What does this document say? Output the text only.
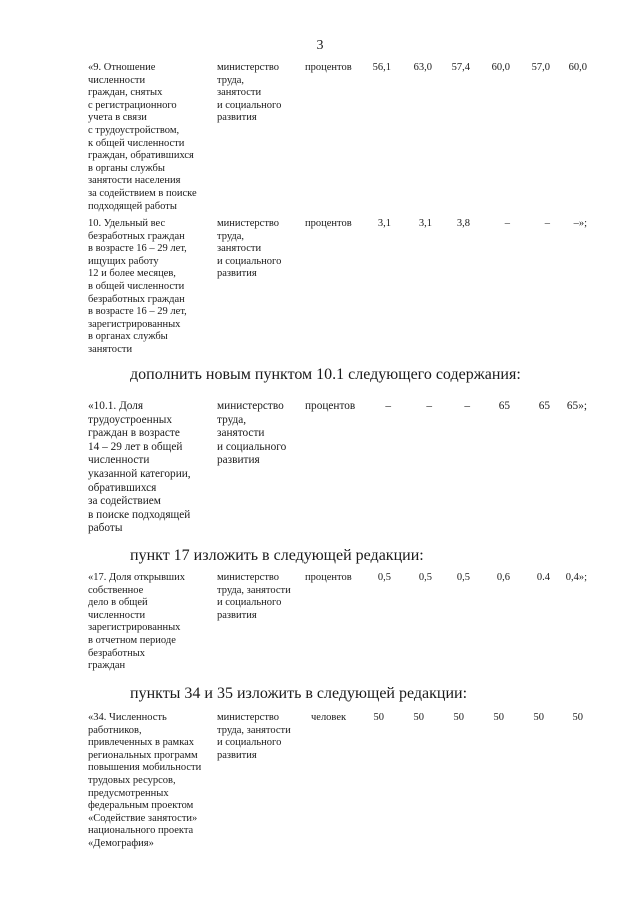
3
«9. Отношение
численности
граждан, снятых
с регистрационного
учета в связи
с трудоустройством,
к общей численности
граждан, обратившихся
в органы службы
занятости населения
за содействием в поиске
подходящей работы
министерство
труда,
занятости
и социального
развития
процентов	56,1	63,0	57,4	60,0	57,0	60,0
10. Удельный вес
безработных граждан
в возрасте 16 – 29 лет,
ищущих работу
12 и более месяцев,
в общей численности
безработных граждан
в возрасте 16 – 29 лет,
зарегистрированных
в органах службы
занятости
министерство
труда,
занятости
и социального
развития
процентов	3,1	3,1	3,8	–	–	–»;
дополнить новым пунктом 10.1 следующего содержания:
«10.1. Доля
трудоустроенных
граждан в возрасте
14 – 29 лет в общей
численности
указанной категории,
обратившихся
за содействием
в поиске подходящей
работы
министерство
труда,
занятости
и социального
развития
процентов	–	–	–	65	65	65»;
пункт 17 изложить в следующей редакции:
«17. Доля открывших
собственное
дело в общей
численности
зарегистрированных
в отчетном периоде
безработных
граждан
министерство
труда, занятости
и социального
развития
процентов	0,5	0,5	0,5	0,6	0.4	0,4»;
пункты 34 и 35 изложить в следующей редакции:
«34. Численность
работников,
привлеченных в рамках
региональных программ
повышения мобильности
трудовых ресурсов,
предусмотренных
федеральным проектом
«Содействие занятости»
национального проекта
«Демография»
министерство
труда, занятости
и социального
развития
человек	50	50	50	50	50	50
